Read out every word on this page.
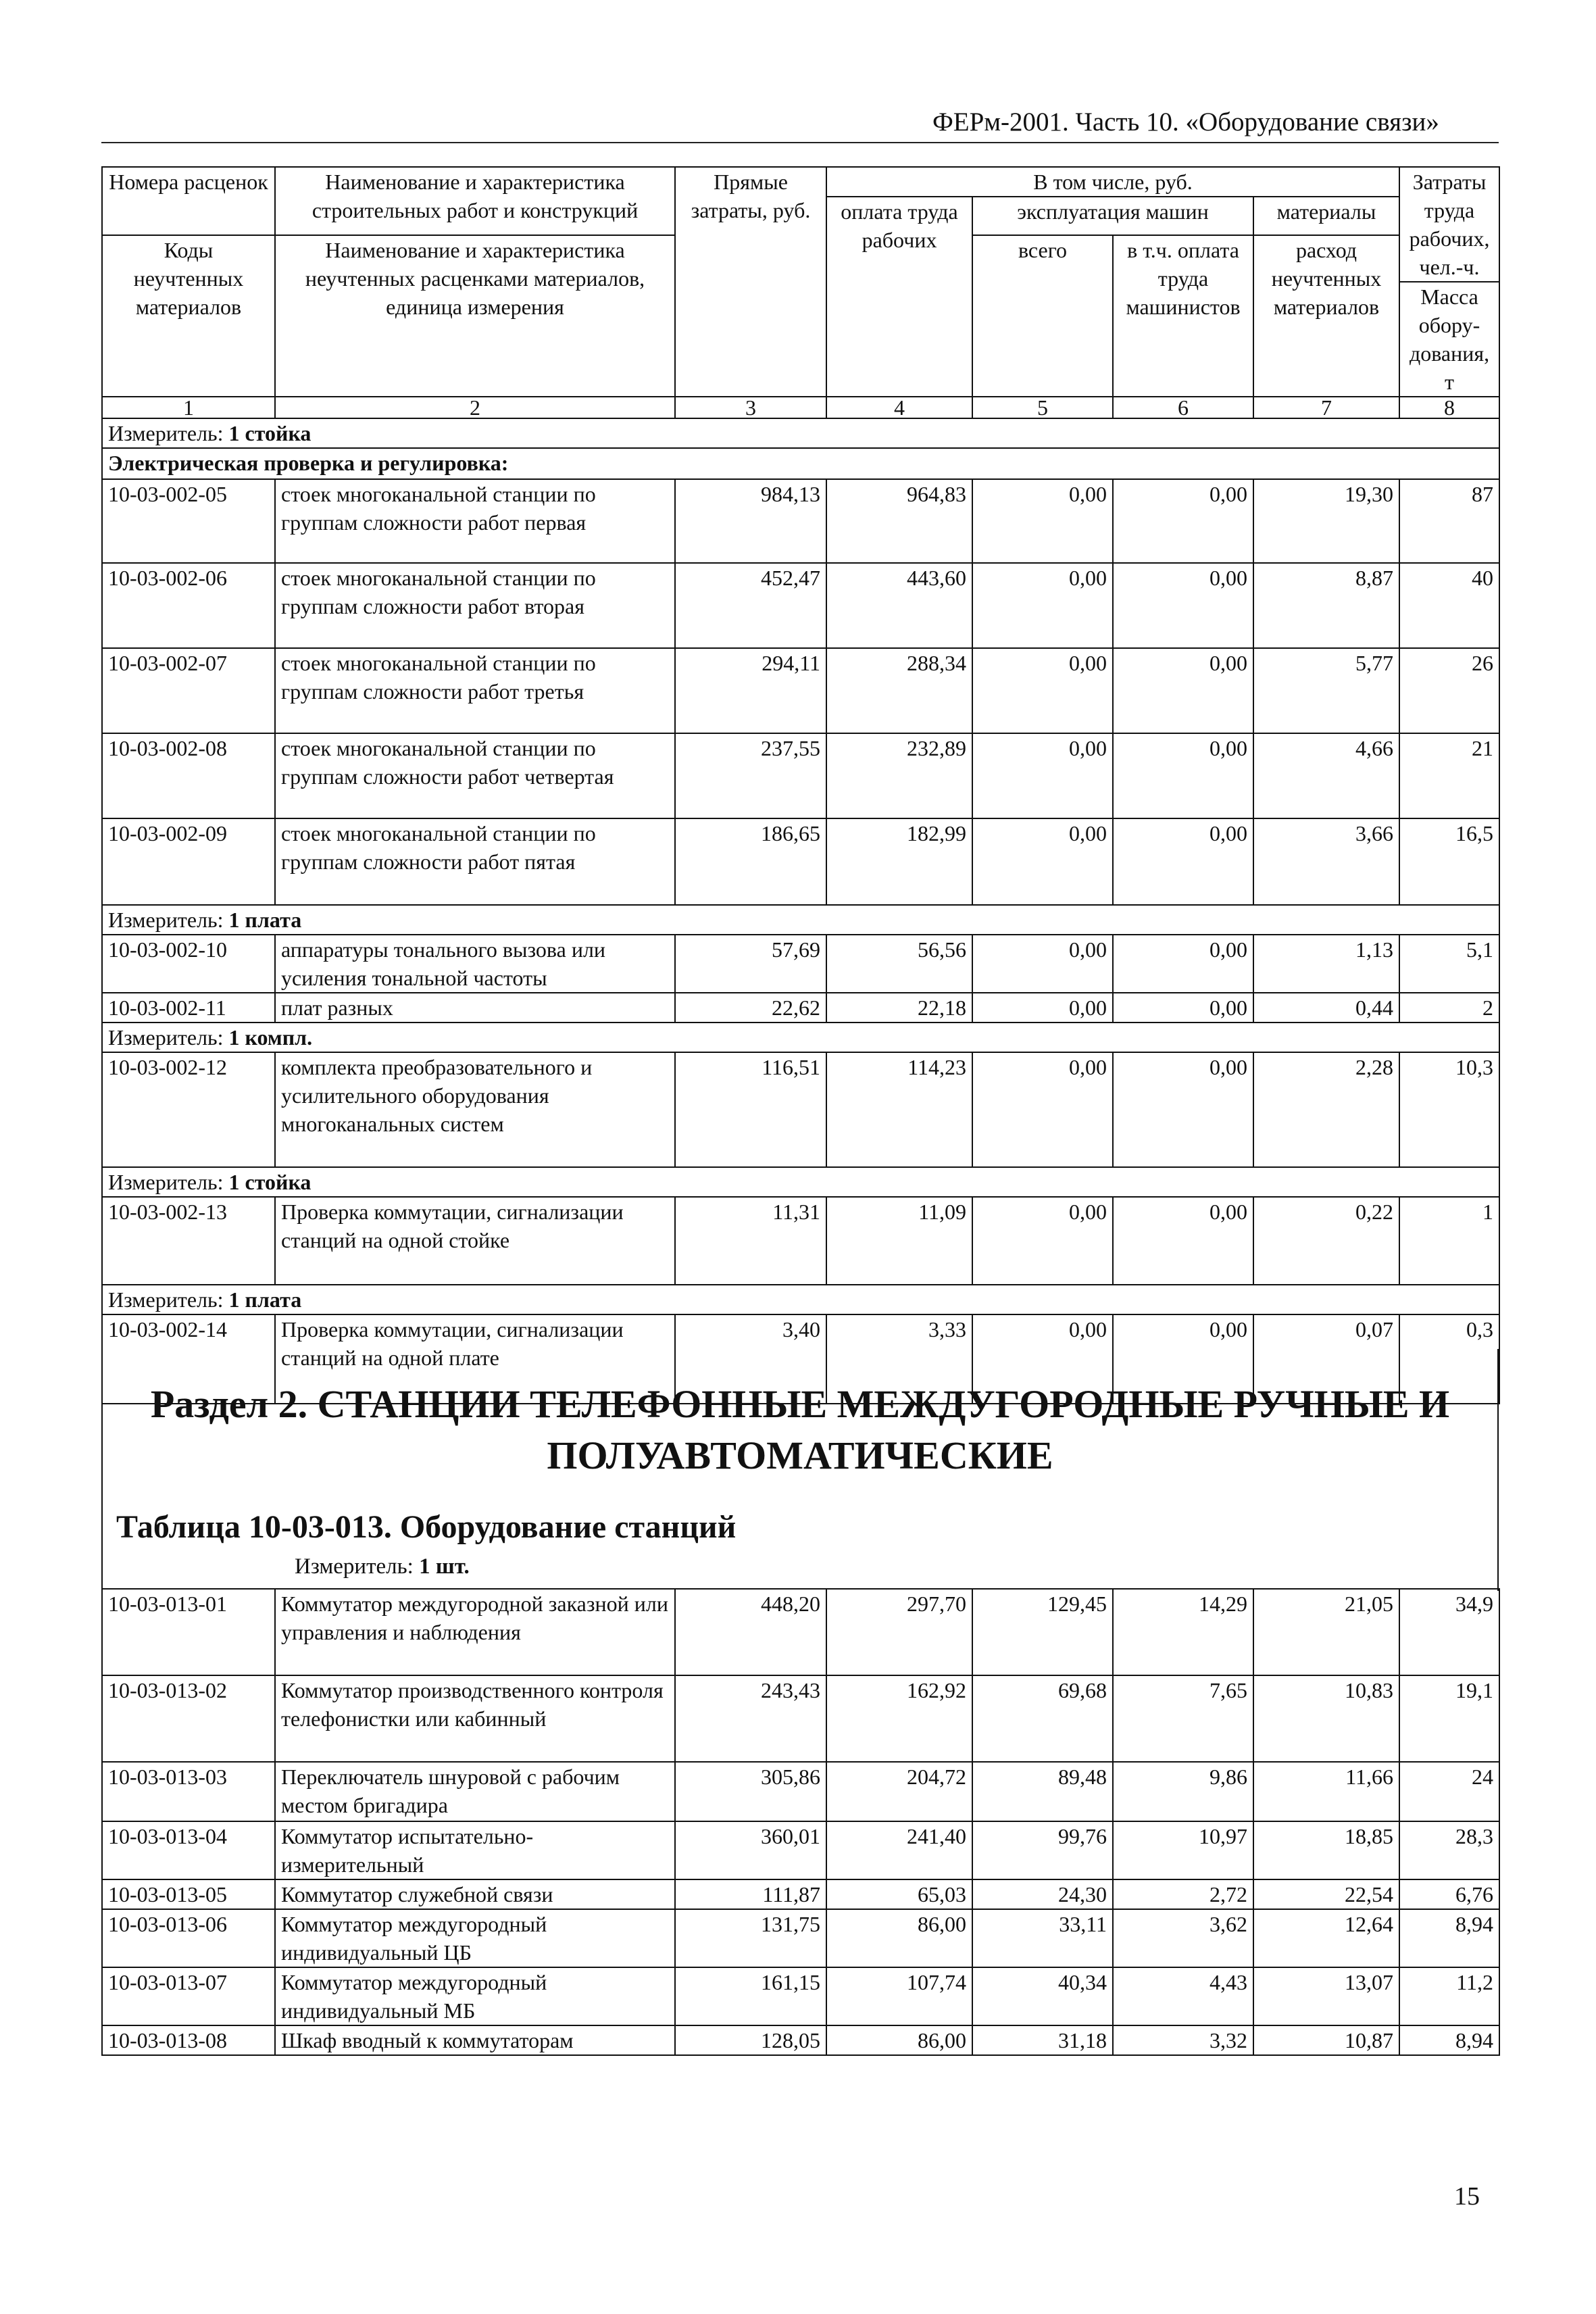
ФЕРм-2001. Часть 10. «Оборудование связи»
Номера расценок	Наименование и характеристика строительных работ и конструкций	Прямые затраты, руб.	В том числе, руб.				Затраты труда рабочих, чел.-ч.
			оплата труда рабочих	эксплуатация машин		материалы	
Коды неучтенных материалов	Наименование и характеристика неучтенных расценками материалов, единица измерения			всего	в т.ч. оплата труда машинистов	расход неучтенных материалов	
							Масса обору-дования, т
1	2	3	4	5	6	7	8
Измеритель: 1 стойка							
Электрическая проверка и регулировка:							
10-03-002-05	стоек многоканальной станции по группам сложности работ первая	984,13	964,83	0,00	0,00	19,30	87
10-03-002-06	стоек многоканальной станции по группам сложности работ вторая	452,47	443,60	0,00	0,00	8,87	40
10-03-002-07	стоек многоканальной станции по группам сложности работ третья	294,11	288,34	0,00	0,00	5,77	26
10-03-002-08	стоек многоканальной станции по группам сложности работ четвертая	237,55	232,89	0,00	0,00	4,66	21
10-03-002-09	стоек многоканальной станции по группам сложности работ пятая	186,65	182,99	0,00	0,00	3,66	16,5
Измеритель: 1 плата							
10-03-002-10	аппаратуры тонального вызова или усиления тональной частоты	57,69	56,56	0,00	0,00	1,13	5,1
10-03-002-11	плат разных	22,62	22,18	0,00	0,00	0,44	2
Измеритель: 1 компл.							
10-03-002-12	комплекта преобразовательного и усилительного оборудования многоканальных систем	116,51	114,23	0,00	0,00	2,28	10,3
Измеритель: 1 стойка							
10-03-002-13	Проверка коммутации, сигнализации станций на одной стойке	11,31	11,09	0,00	0,00	0,22	1
Измеритель: 1 плата							
10-03-002-14	Проверка коммутации, сигнализации станций на одной плате	3,40	3,33	0,00	0,00	0,07	0,3
Раздел 2. СТАНЦИИ ТЕЛЕФОННЫЕ МЕЖДУГОРОДНЫЕ РУЧНЫЕ И ПОЛУАВТОМАТИЧЕСКИЕ
Таблица 10-03-013. Оборудование станций
Измеритель: 1 шт.
10-03-013-01	Коммутатор междугородной заказной или управления и наблюдения	448,20	297,70	129,45	14,29	21,05	34,9
10-03-013-02	Коммутатор производственного контроля телефонистки или кабинный	243,43	162,92	69,68	7,65	10,83	19,1
10-03-013-03	Переключатель шнуровой с рабочим местом бригадира	305,86	204,72	89,48	9,86	11,66	24
10-03-013-04	Коммутатор испытательно-измерительный	360,01	241,40	99,76	10,97	18,85	28,3
10-03-013-05	Коммутатор служебной связи	111,87	65,03	24,30	2,72	22,54	6,76
10-03-013-06	Коммутатор междугородный индивидуальный ЦБ	131,75	86,00	33,11	3,62	12,64	8,94
10-03-013-07	Коммутатор междугородный индивидуальный МБ	161,15	107,74	40,34	4,43	13,07	11,2
10-03-013-08	Шкаф вводный к коммутаторам	128,05	86,00	31,18	3,32	10,87	8,94
15
